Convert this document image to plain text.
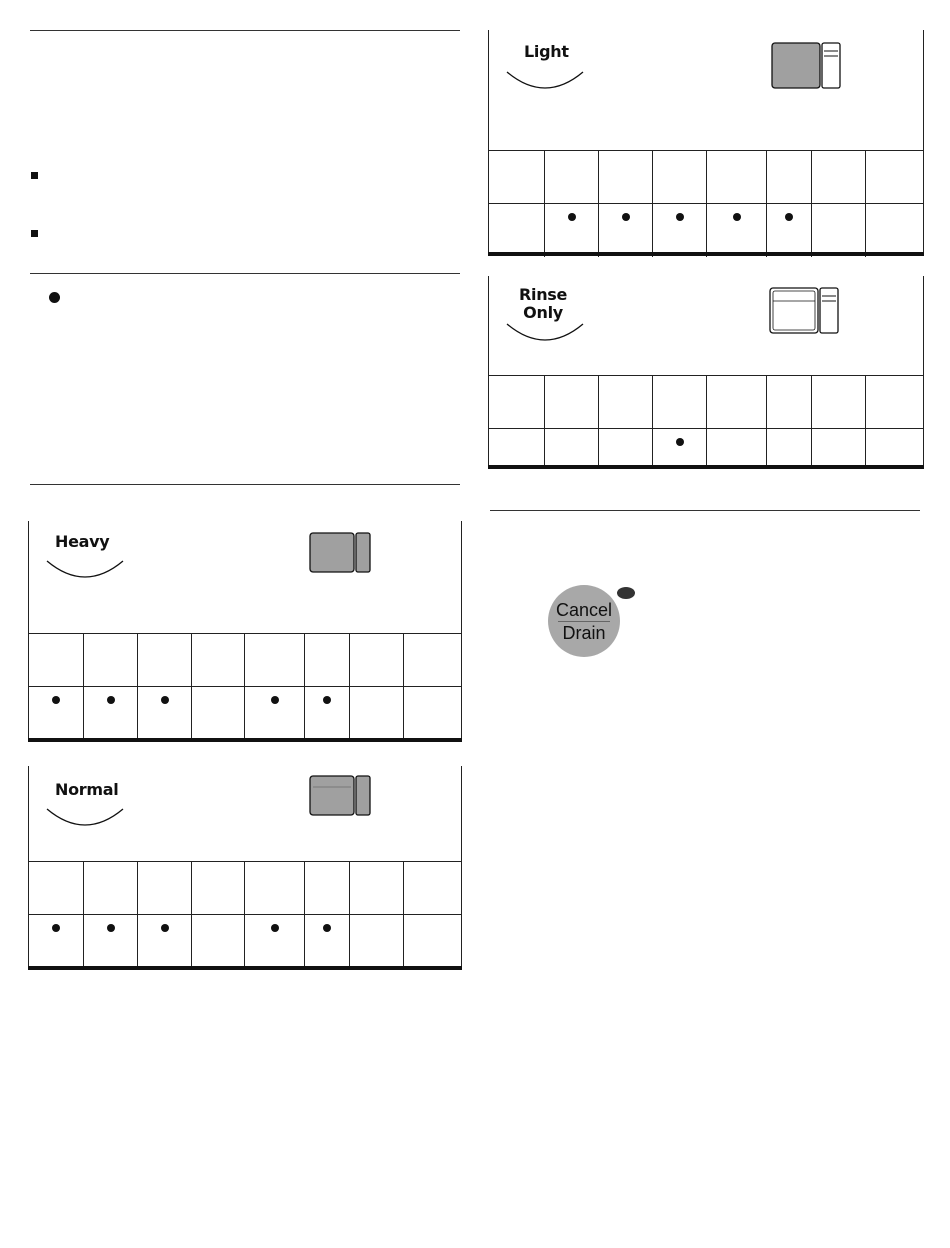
Heavy
Normal
Light
Rinse
Only
Cancel
Drain
